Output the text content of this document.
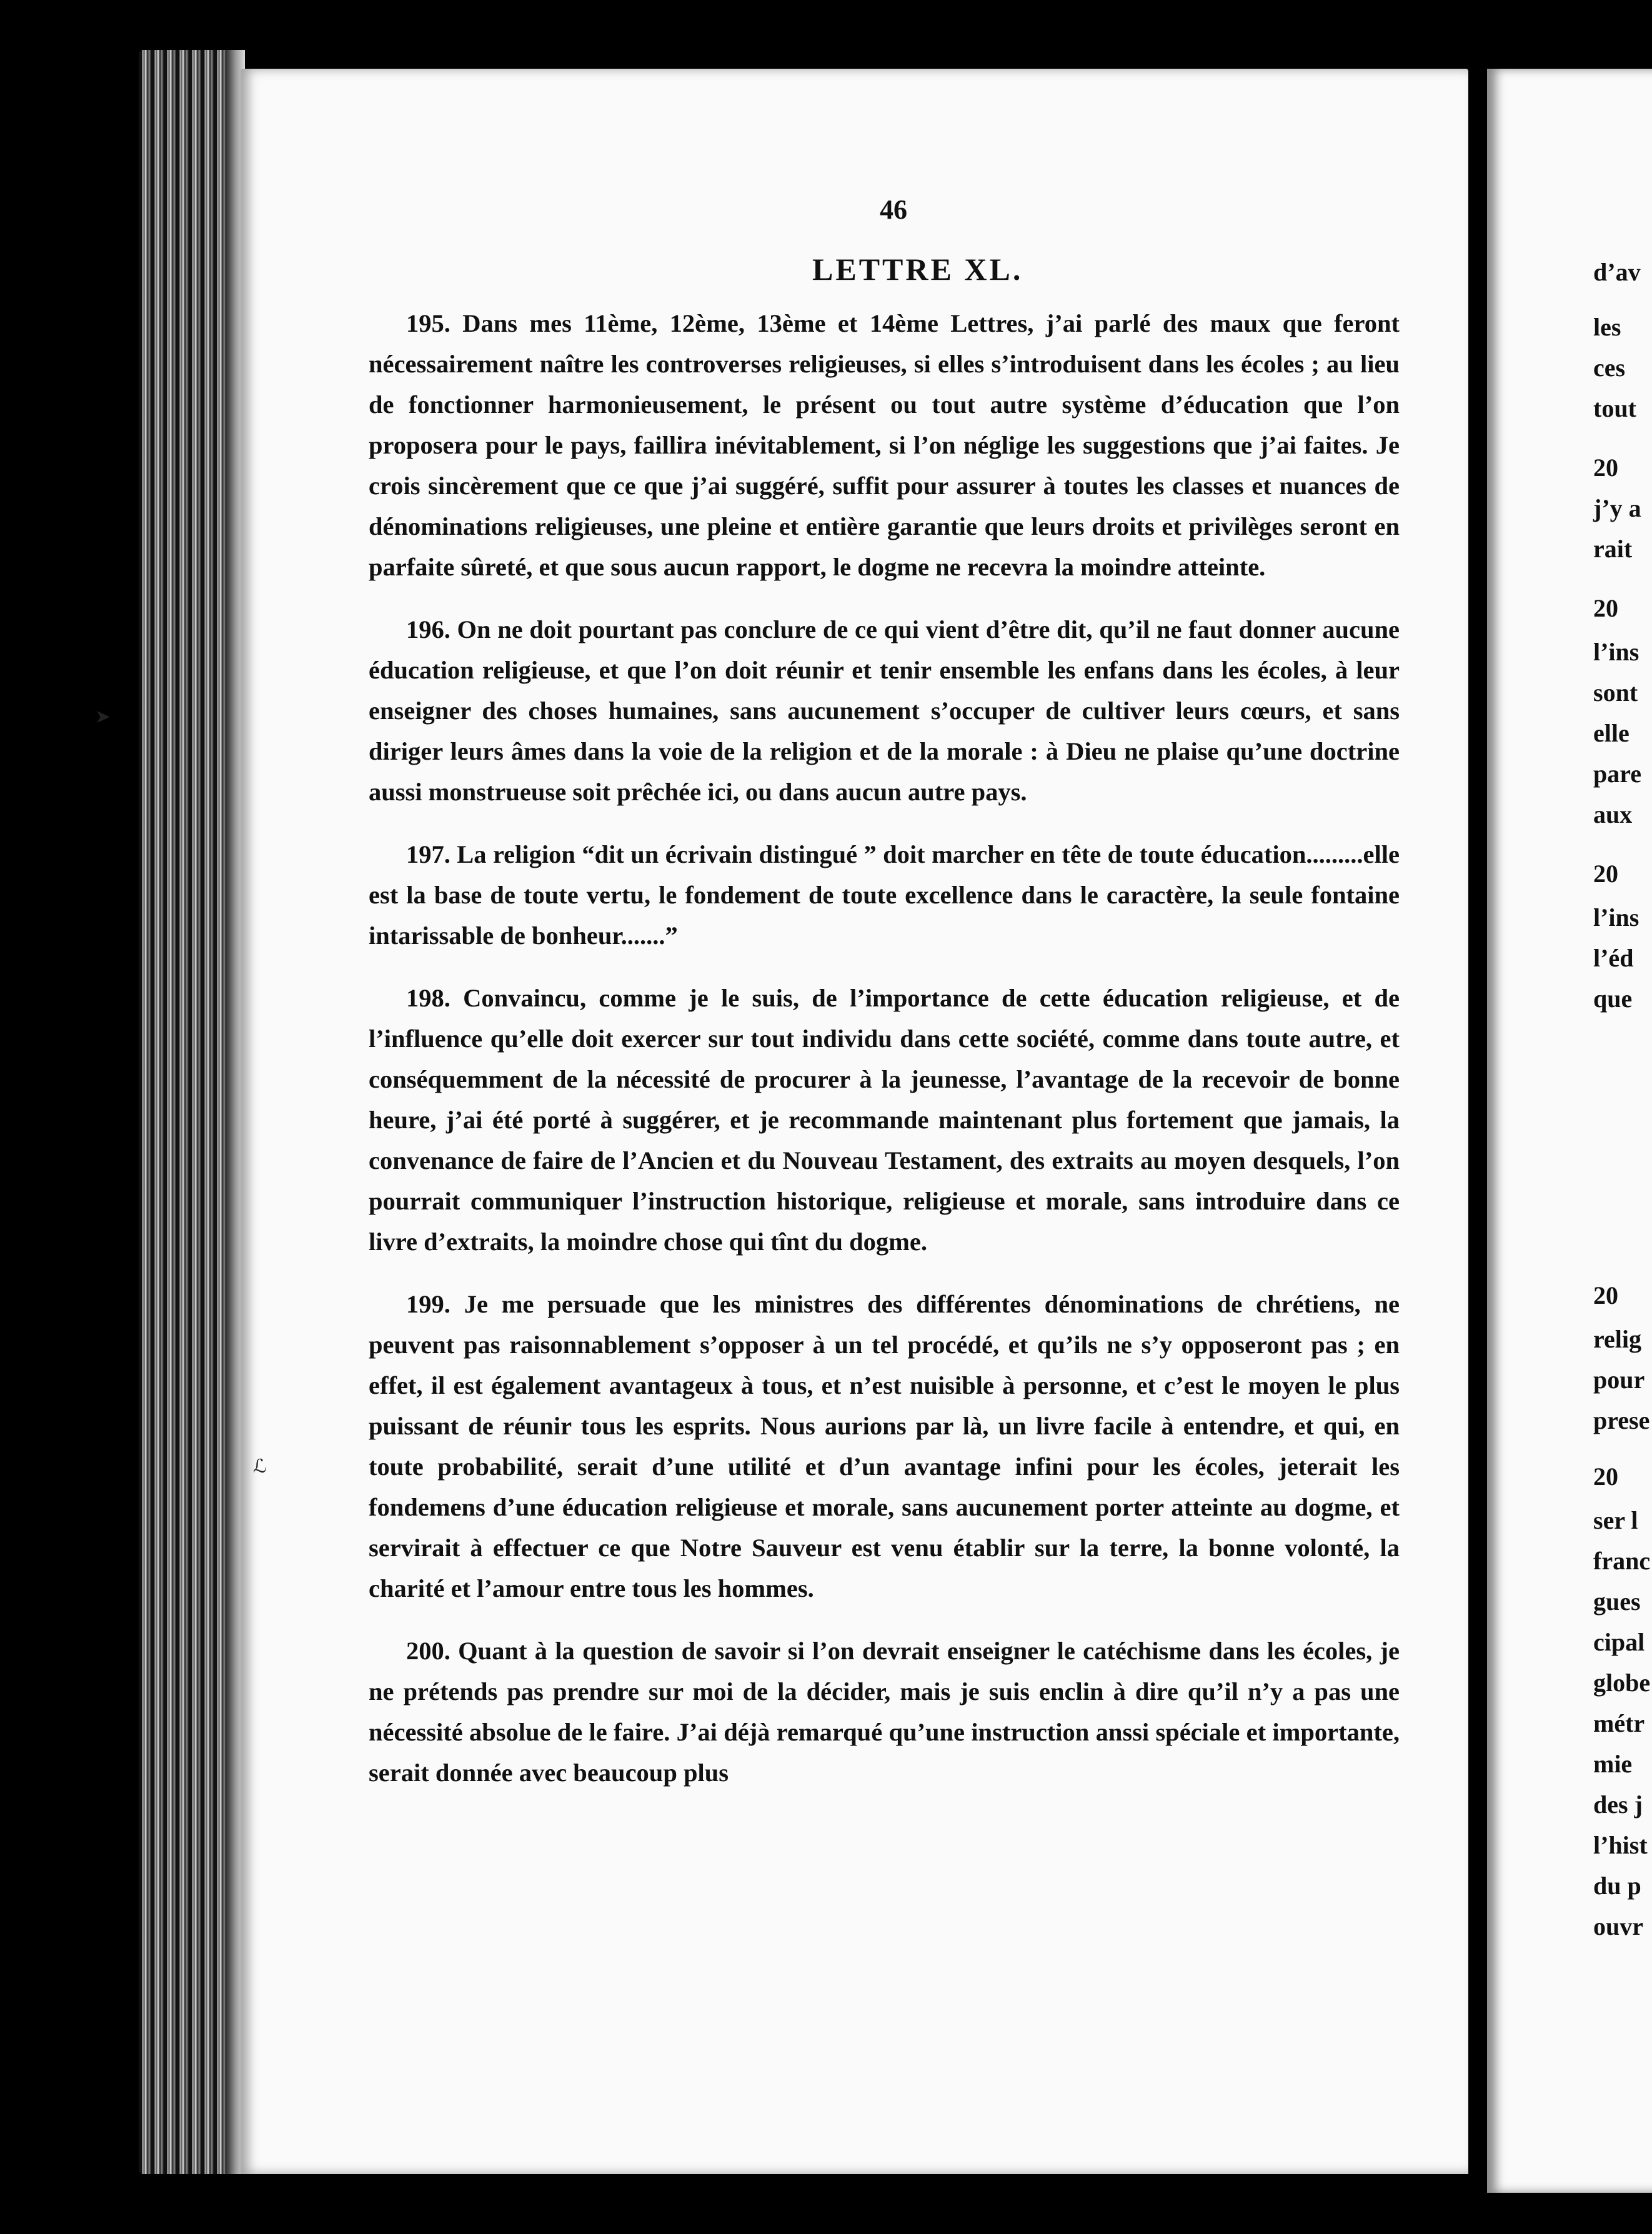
d’av
les
ces
tout
20
j’y a
rait
20
l’ins
sont
elle
pare
aux
20
l’ins
l’éd
que
20
relig
pour
prese
20
ser l
franc
gues
cipal
globe
métr
mie
des j
l’hist
du p
ouvr
46
LETTRE XL.
➤
ℒ

195. Dans mes 11ème, 12ème, 13ème et 14ème Lettres, j’ai parlé des maux que feront nécessairement naître les controverses religieuses, si elles s’introduisent dans les écoles ; au lieu de fonctionner harmonieusement, le présent ou tout autre système d’éducation que l’on proposera pour le pays, faillira inévitablement, si l’on néglige les suggestions que j’ai faites. Je crois sincèrement que ce que j’ai suggéré, suffit pour assurer à toutes les classes et nuances de dénominations religieuses, une pleine et entière garantie que leurs droits et privilèges seront en parfaite sûreté, et que sous aucun rapport, le dogme ne recevra la moindre atteinte.

196. On ne doit pourtant pas conclure de ce qui vient d’être dit, qu’il ne faut donner aucune éducation religieuse, et que l’on doit réunir et tenir ensemble les enfans dans les écoles, à leur enseigner des choses humaines, sans aucunement s’occuper de cultiver leurs cœurs, et sans diriger leurs âmes dans la voie de la religion et de la morale : à Dieu ne plaise qu’une doctrine aussi monstrueuse soit prêchée ici, ou dans aucun autre pays.

197. La religion “dit un écrivain distingué ” doit marcher en tête de toute éducation.........elle est la base de toute vertu, le fondement de toute excellence dans le caractère, la seule fontaine intarissable de bonheur.......”

198. Convaincu, comme je le suis, de l’importance de cette éducation religieuse, et de l’influence qu’elle doit exercer sur tout individu dans cette société, comme dans toute autre, et conséquemment de la nécessité de procurer à la jeunesse, l’avantage de la recevoir de bonne heure, j’ai été porté à suggérer, et je recommande maintenant plus fortement que jamais, la convenance de faire de l’Ancien et du Nouveau Testament, des extraits au moyen desquels, l’on pourrait communiquer l’instruction historique, religieuse et morale, sans introduire dans ce livre d’extraits, la moindre chose qui tînt du dogme.

199. Je me persuade que les ministres des différentes dénominations de chrétiens, ne peuvent pas raisonnablement s’opposer à un tel procédé, et qu’ils ne s’y opposeront pas ; en effet, il est également avantageux à tous, et n’est nuisible à personne, et c’est le moyen le plus puissant de réunir tous les esprits. Nous aurions par là, un livre facile à entendre, et qui, en toute probabilité, serait d’une utilité et d’un avantage infini pour les écoles, jeterait les fondemens d’une éducation religieuse et morale, sans aucunement porter atteinte au dogme, et servirait à effectuer ce que Notre Sauveur est venu établir sur la terre, la bonne volonté, la charité et l’amour entre tous les hommes.

200. Quant à la question de savoir si l’on devrait enseigner le catéchisme dans les écoles, je ne prétends pas prendre sur moi de la décider, mais je suis enclin à dire qu’il n’y a pas une nécessité absolue de le faire. J’ai déjà remarqué qu’une instruction anssi spéciale et importante, serait donnée avec beaucoup plus
